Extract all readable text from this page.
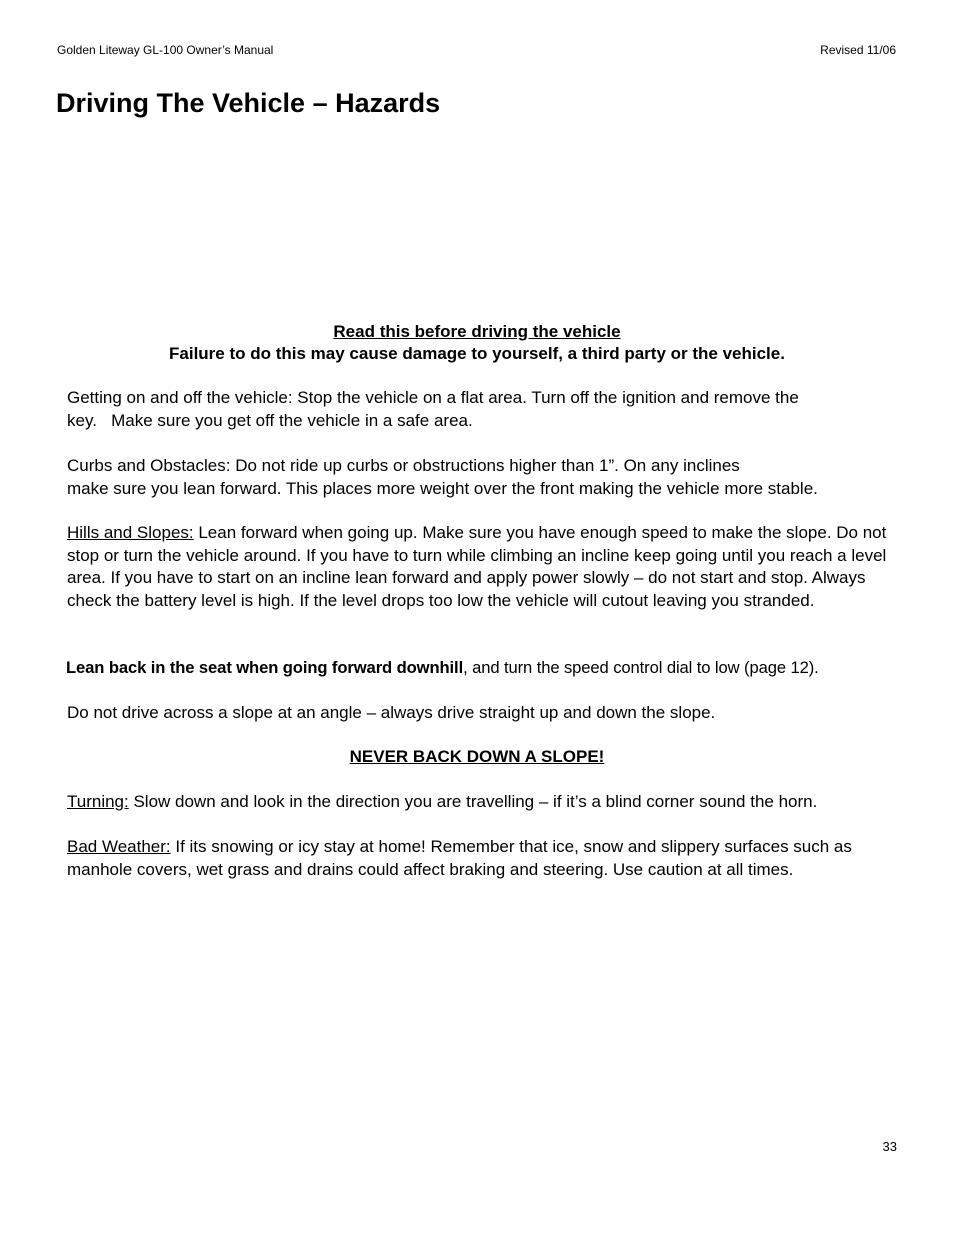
Golden Liteway GL-100 Owner’s Manual	Revised 11/06
Driving The Vehicle – Hazards
Read this before driving the vehicle
Failure to do this may cause damage to yourself, a third party or the vehicle.
Getting on and off the vehicle: Stop the vehicle on a flat area. Turn off the ignition and remove the
key.   Make sure you get off the vehicle in a safe area.
Curbs and Obstacles: Do not ride up curbs or obstructions higher than 1”. On any inclines
make sure you lean forward. This places more weight over the front making the vehicle more stable.
Hills and Slopes: Lean forward when going up. Make sure you have enough speed to make the slope. Do not stop or turn the vehicle around. If you have to turn while climbing an incline keep going until you reach a level area. If you have to start on an incline lean forward and apply power slowly – do not start and stop. Always check the battery level is high. If the level drops too low the vehicle will cutout leaving you stranded.
Lean back in the seat when going forward downhill, and turn the speed control dial to low (page 12).
Do not drive across a slope at an angle – always drive straight up and down the slope.
NEVER BACK DOWN A SLOPE!
Turning: Slow down and look in the direction you are travelling – if it’s a blind corner sound the horn.
Bad Weather: If its snowing or icy stay at home! Remember that ice, snow and slippery surfaces such as manhole covers, wet grass and drains could affect braking and steering. Use caution at all times.
33
